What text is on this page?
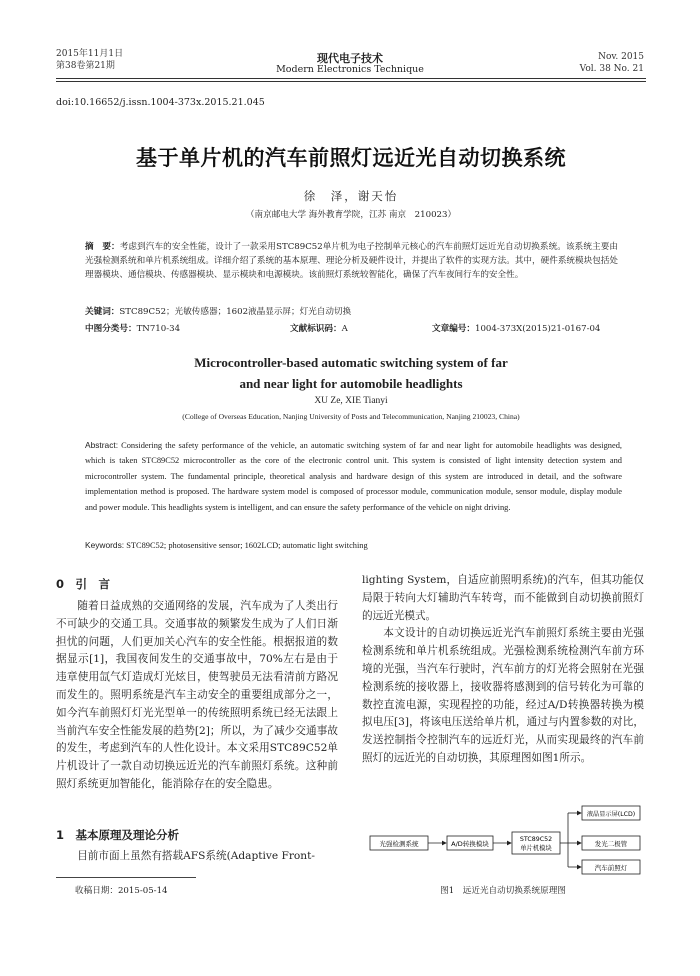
2015年11月1日
第38卷第21期
现代电子技术
Modern Electronics Technique
Nov. 2015
Vol. 38 No. 21
doi:10.16652/j.issn.1004-373x.2015.21.045
基于单片机的汽车前照灯远近光自动切换系统
徐　泽，谢天怡
（南京邮电大学 海外教育学院，江苏 南京　210023）
摘　要：考虑到汽车的安全性能，设计了一款采用STC89C52单片机为电子控制单元核心的汽车前照灯远近光自动切换系统。该系统主要由光强检测系统和单片机系统组成。详细介绍了系统的基本原理、理论分析及硬件设计，并提出了软件的实现方法。其中，硬件系统模块包括处理器模块、通信模块、传感器模块、显示模块和电源模块。该前照灯系统较智能化，确保了汽车夜间行车的安全性。
关键词：STC89C52；光敏传感器；1602液晶显示屏；灯光自动切换
中图分类号：TN710-34	文献标识码：A	文章编号：1004-373X(2015)21-0167-04
Microcontroller-based automatic switching system of far
and near light for automobile headlights
XU Ze, XIE Tianyi
(College of Overseas Education, Nanjing University of Posts and Telecommunication, Nanjing 210023, China)
Abstract: Considering the safety performance of the vehicle, an automatic switching system of far and near light for automobile headlights was designed, which is taken STC89C52 microcontroller as the core of the electronic control unit. This system is consisted of light intensity detection system and microcontroller system. The fundamental principle, theoretical analysis and hardware design of this system are introduced in detail, and the software implementation method is proposed. The hardware system model is composed of processor module, communication module, sensor module, display module and power module. This headlights system is intelligent, and can ensure the safety performance of the vehicle on night driving.
Keywords: STC89C52; photosensitive sensor; 1602LCD; automatic light switching
0　引　言

随着日益成熟的交通网络的发展，汽车成为了人类出行不可缺少的交通工具。交通事故的频繁发生成为了人们日渐担忧的问题，人们更加关心汽车的安全性能。根据报道的数据显示[1]，我国夜间发生的交通事故中，70%左右是由于违章使用氙气灯造成灯光炫目，使驾驶员无法看清前方路况而发生的。照明系统是汽车主动安全的重要组成部分之一，如今汽车前照灯灯光光型单一的传统照明系统已经无法跟上当前汽车安全性能发展的趋势[2]；所以，为了减少交通事故的发生，考虑到汽车的人性化设计。本文采用STC89C52单片机设计了一款自动切换远近光的汽车前照灯系统。这种前照灯系统更加智能化，能消除存在的安全隐患。

1　基本原理及理论分析

目前市面上虽然有搭载AFS系统(Adaptive Front-

收稿日期：2015-05-14

lighting System，自适应前照明系统)的汽车，但其功能仅局限于转向大灯辅助汽车转弯，而不能做到自动切换前照灯的远近光模式。

本文设计的自动切换远近光汽车前照灯系统主要由光强检测系统和单片机系统组成。光强检测系统检测汽车前方环境的光强，当汽车行驶时，汽车前方的灯光将会照射在光强检测系统的接收器上，接收器将感测到的信号转化为可靠的数控直流电源，实现程控的功能，经过A/D转换器转换为模拟电压[3]，将该电压送给单片机，通过与内置参数的对比，发送控制指令控制汽车的远近灯光，从而实现最终的汽车前照灯的远近光的自动切换，其原理图如图1所示。

光强检测系统	A/D转换模块
STC89C52
单片机模块
液晶显示屏(LCD)
发光二极管
汽车前照灯
图1　远近光自动切换系统原理图
